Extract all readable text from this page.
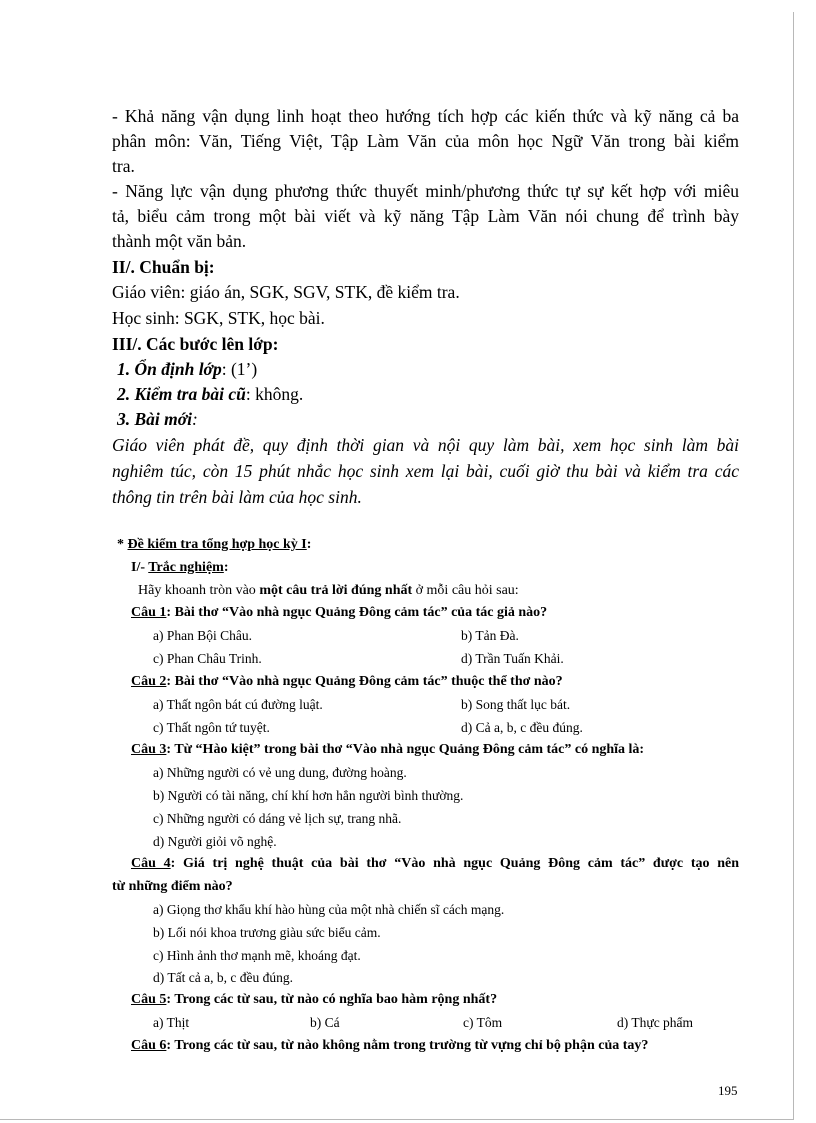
- Khả năng vận dụng linh hoạt theo hướng tích hợp các kiến thức và kỹ năng cả ba

phân môn: Văn, Tiếng Việt, Tập Làm Văn của môn học Ngữ Văn trong bài kiểm

tra.

- Năng lực vận dụng phương thức thuyết minh/phương thức tự sự kết hợp với miêu

tả, biểu cảm trong một bài viết và kỹ năng Tập Làm Văn nói chung để trình bày

thành một văn bản.

II/. Chuẩn bị:

Giáo viên: giáo án, SGK, SGV, STK, đề kiểm tra.

Học sinh: SGK, STK, học bài.

III/. Các bước lên lớp:

1. Ổn định lớp: (1’)

2. Kiểm tra bài cũ: không.

3. Bài mới:

Giáo viên phát đề, quy định thời gian và nội quy làm bài, xem học sinh làm bài

nghiêm túc, còn 15 phút nhắc học sinh xem lại bài, cuối giờ thu bài và kiểm tra các

thông tin trên bài làm của học sinh.

* Đề kiểm tra tổng hợp học kỳ I:

I/- Trắc nghiệm:

Hãy khoanh tròn vào một câu trả lời đúng nhất ở mỗi câu hỏi sau:

Câu 1: Bài thơ “Vào nhà ngục Quảng Đông cảm tác” của tác giả nào?

a) Phan Bội Châu.	b) Tản Đà.

c) Phan Châu Trinh.	d) Trần Tuấn Khải.

Câu 2: Bài thơ “Vào nhà ngục Quảng Đông cảm tác” thuộc thể thơ nào?

a) Thất ngôn bát cú đường luật.	b) Song thất lục bát.

c) Thất ngôn tứ tuyệt.	d) Cả a, b, c đều đúng.

Câu 3: Từ “Hào kiệt” trong bài thơ “Vào nhà ngục Quảng Đông cảm tác” có nghĩa là:

a) Những người có vẻ ung dung, đường hoàng.

b) Người có tài năng, chí khí hơn hẳn người bình thường.

c) Những người có dáng vẻ lịch sự, trang nhã.

d) Người giỏi võ nghệ.

Câu 4: Giá trị nghệ thuật của bài thơ “Vào nhà ngục Quảng Đông cảm tác” được tạo nên

từ những điểm nào?

a) Giọng thơ khẩu khí hào hùng của một nhà chiến sĩ cách mạng.

b) Lối nói khoa trương giàu sức biểu cảm.

c) Hình ảnh thơ mạnh mẽ, khoáng đạt.

d) Tất cả a, b, c đều đúng.

Câu 5: Trong các từ sau, từ nào có nghĩa bao hàm rộng nhất?

a) Thịt	b) Cá	c) Tôm	d) Thực phẩm

Câu 6: Trong các từ sau, từ nào không nằm trong trường từ vựng chỉ bộ phận của tay?

195
